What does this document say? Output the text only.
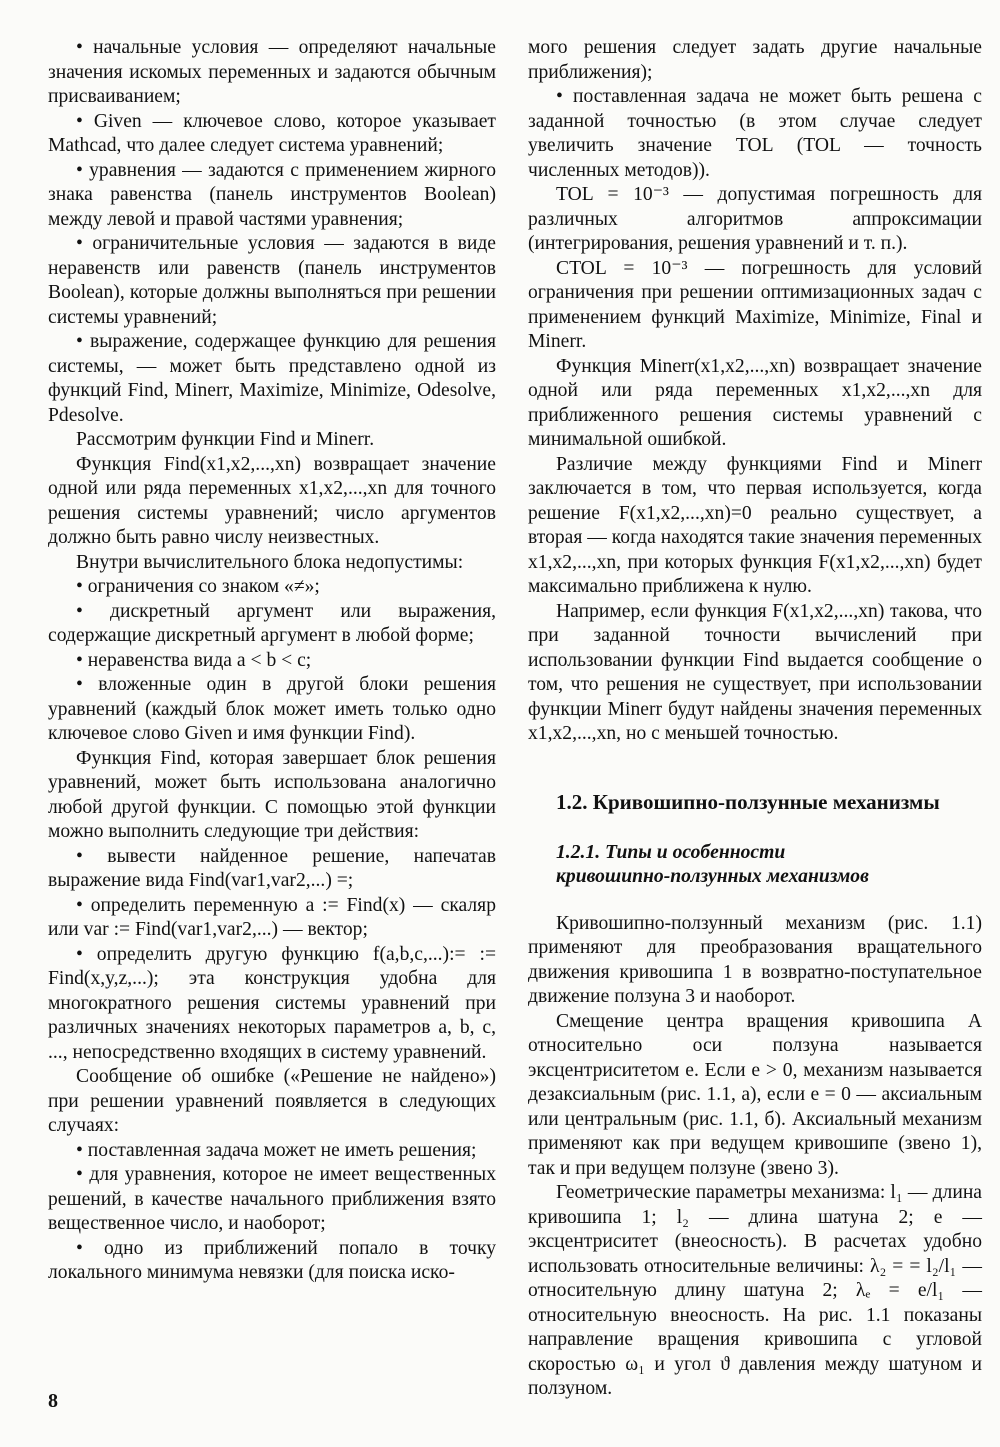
• начальные условия — определяют начальные значения искомых переменных и задаются обычным присваиванием;

• Given — ключевое слово, которое указывает Mathcad, что далее следует система уравнений;

• уравнения — задаются с применением жирного знака равенства (панель инструментов Boolean) между левой и правой частями уравнения;

• ограничительные условия — задаются в виде неравенств или равенств (панель инструментов Boolean), которые должны выполняться при решении системы уравнений;

• выражение, содержащее функцию для решения системы, — может быть представлено одной из функций Find, Minerr, Maximize, Minimize, Odesolve, Pdesolve.

Рассмотрим функции Find и Minerr.

Функция Find(x1,x2,...,xn) возвращает значение одной или ряда переменных x1,x2,...,xn для точного решения системы уравнений; число аргументов должно быть равно числу неизвестных.

Внутри вычислительного блока недопустимы:

• ограничения со знаком «≠»;

• дискретный аргумент или выражения, содержащие дискретный аргумент в любой форме;

• неравенства вида a < b < c;

• вложенные один в другой блоки решения уравнений (каждый блок может иметь только одно ключевое слово Given и имя функции Find).

Функция Find, которая завершает блок решения уравнений, может быть использована аналогично любой другой функции. С помощью этой функции можно выполнить следующие три действия:

• вывести найденное решение, напечатав выражение вида Find(var1,var2,...) =;

• определить переменную a := Find(x) — скаляр или var := Find(var1,var2,...) — вектор;

• определить другую функцию f(a,b,c,...):= := Find(x,y,z,...); эта конструкция удобна для многократного решения системы уравнений при различных значениях некоторых параметров a, b, c, ..., непосредственно входящих в систему уравнений.

Сообщение об ошибке («Решение не найдено») при решении уравнений появляется в следующих случаях:

• поставленная задача может не иметь решения;

• для уравнения, которое не имеет вещественных решений, в качестве начального приближения взято вещественное число, и наоборот;

• одно из приближений попало в точку локального минимума невязки (для поиска иско-

мого решения следует задать другие начальные приближения);

• поставленная задача не может быть решена с заданной точностью (в этом случае следует увеличить значение TOL (TOL — точность численных методов)).

TOL = 10⁻³ — допустимая погрешность для различных алгоритмов аппроксимации (интегрирования, решения уравнений и т. п.).

CTOL = 10⁻³ — погрешность для условий ограничения при решении оптимизационных задач с применением функций Maximize, Minimize, Final и Minerr.

Функция Minerr(x1,x2,...,xn) возвращает значение одной или ряда переменных x1,x2,...,xn для приближенного решения системы уравнений с минимальной ошибкой.

Различие между функциями Find и Minerr заключается в том, что первая используется, когда решение F(x1,x2,...,xn)=0 реально существует, а вторая — когда находятся такие значения переменных x1,x2,...,xn, при которых функция F(x1,x2,...,xn) будет максимально приближена к нулю.

Например, если функция F(x1,x2,...,xn) такова, что при заданной точности вычислений при использовании функции Find выдается сообщение о том, что решения не существует, при использовании функции Minerr будут найдены значения переменных x1,x2,...,xn, но с меньшей точностью.

1.2. Кривошипно-ползунные механизмы
1.2.1. Типы и особенности
кривошипно-ползунных механизмов

Кривошипно-ползунный механизм (рис. 1.1) применяют для преобразования вращательного движения кривошипа 1 в возвратно-поступательное движение ползуна 3 и наоборот.

Смещение центра вращения кривошипа A относительно оси ползуна называется эксцентриситетом e. Если e > 0, механизм называется дезаксиальным (рис. 1.1, а), если e = 0 — аксиальным или центральным (рис. 1.1, б). Аксиальный механизм применяют как при ведущем кривошипе (звено 1), так и при ведущем ползуне (звено 3).

Геометрические параметры механизма: l₁ — длина кривошипа 1; l₂ — длина шатуна 2; e — эксцентриситет (внеосность). В расчетах удобно использовать относительные величины: λ₂ = = l₂/l₁ — относительную длину шатуна 2; λₑ = e/l₁ — относительную внеосность. На рис. 1.1 показаны направление вращения кривошипа с угловой скоростью ω₁ и угол ϑ давления между шатуном и ползуном.

8
